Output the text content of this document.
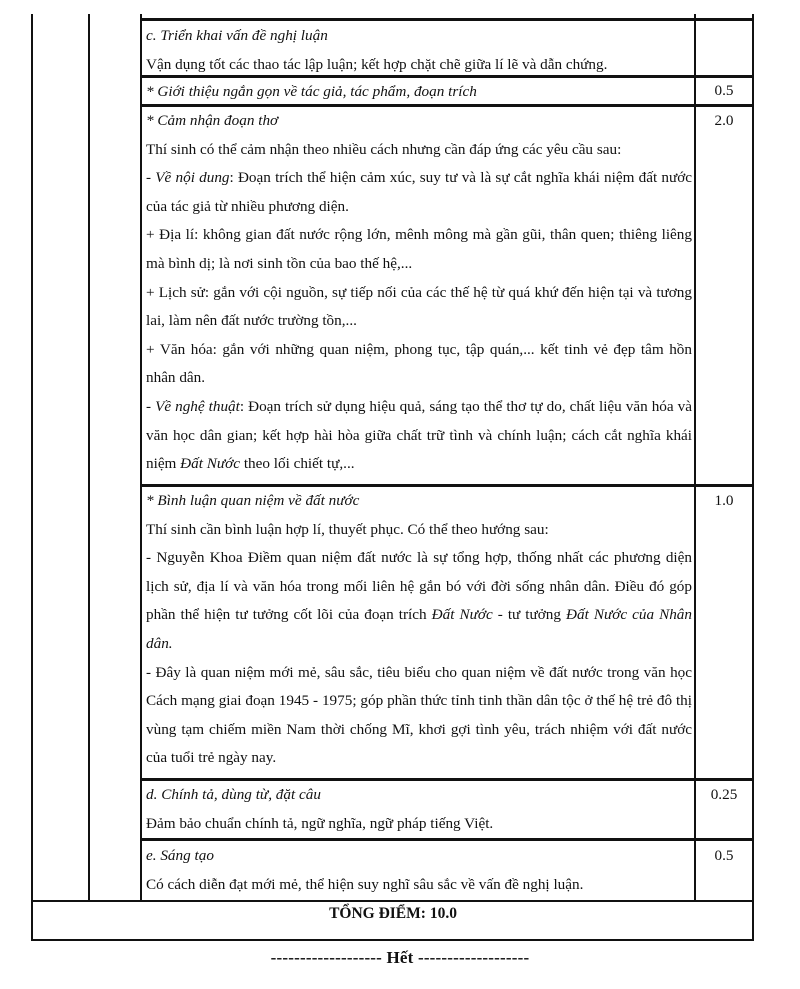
c. Triển khai vấn đề nghị luận

Vận dụng tốt các thao tác lập luận; kết hợp chặt chẽ giữa lí lẽ và dẫn chứng.

* Giới thiệu ngắn gọn về tác giả, tác phẩm, đoạn trích	0.5

* Cảm nhận đoạn thơ

Thí sinh có thể cảm nhận theo nhiều cách nhưng cần đáp ứng các yêu cầu sau:

- Về nội dung: Đoạn trích thể hiện cảm xúc, suy tư và là sự cắt nghĩa khái niệm đất nước của tác giả từ nhiều phương diện.

+ Địa lí: không gian đất nước rộng lớn, mênh mông mà gần gũi, thân quen; thiêng liêng mà bình dị; là nơi sinh tồn của bao thế hệ,...

+ Lịch sử: gắn với cội nguồn, sự tiếp nối của các thế hệ từ quá khứ đến hiện tại và tương lai, làm nên đất nước trường tồn,...

+ Văn hóa: gắn với những quan niệm, phong tục, tập quán,... kết tinh vẻ đẹp tâm hồn nhân dân.

- Về nghệ thuật: Đoạn trích sử dụng hiệu quả, sáng tạo thể thơ tự do, chất liệu văn hóa và văn học dân gian; kết hợp hài hòa giữa chất trữ tình và chính luận; cách cắt nghĩa khái niệm Đất Nước theo lối chiết tự,...

2.0

* Bình luận quan niệm về đất nước

Thí sinh cần bình luận hợp lí, thuyết phục. Có thể theo hướng sau:

- Nguyễn Khoa Điềm quan niệm đất nước là sự tổng hợp, thống nhất các phương diện lịch sử, địa lí và văn hóa trong mối liên hệ gắn bó với đời sống nhân dân. Điều đó góp phần thể hiện tư tưởng cốt lõi của đoạn trích Đất Nước - tư tưởng Đất Nước của Nhân dân.

- Đây là quan niệm mới mẻ, sâu sắc, tiêu biểu cho quan niệm về đất nước trong văn học Cách mạng giai đoạn 1945 - 1975; góp phần thức tỉnh tinh thần dân tộc ở thế hệ trẻ đô thị vùng tạm chiếm miền Nam thời chống Mĩ, khơi gợi tình yêu, trách nhiệm với đất nước của tuổi trẻ ngày nay.

1.0

d. Chính tả, dùng từ, đặt câu

Đảm bảo chuẩn chính tả, ngữ nghĩa, ngữ pháp tiếng Việt.

0.25

e. Sáng tạo

Có cách diễn đạt mới mẻ, thể hiện suy nghĩ sâu sắc về vấn đề nghị luận.

0.5
TỔNG ĐIỂM: 10.0
------------------- Hết -------------------
